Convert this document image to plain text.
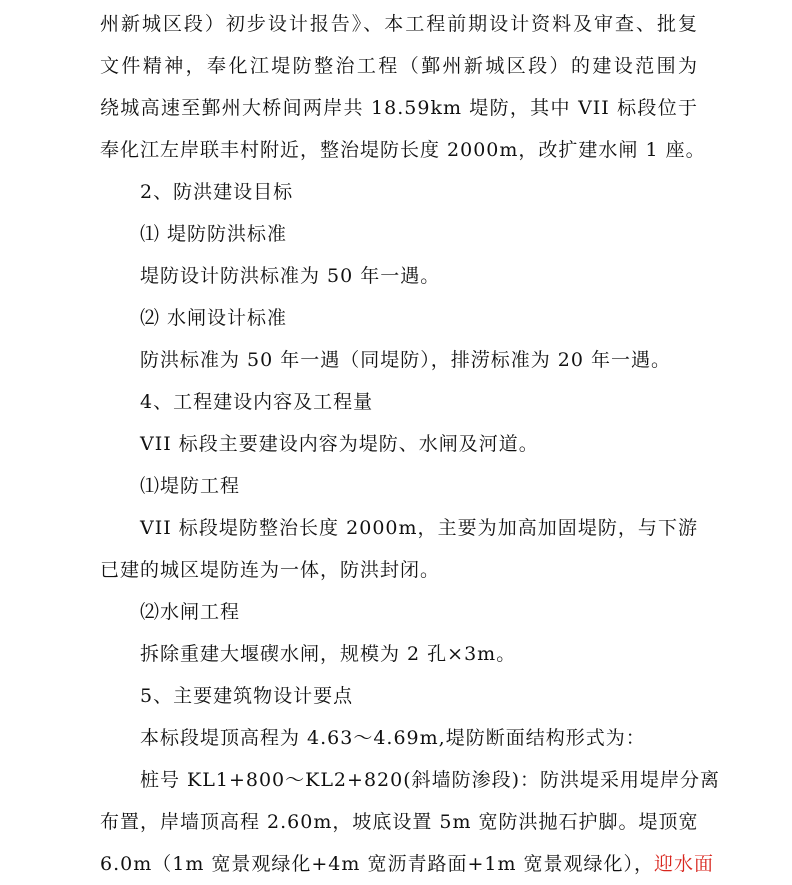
州新城区段）初步设计报告》、本工程前期设计资料及审查、批复
文件精神，奉化江堤防整治工程（鄞州新城区段）的建设范围为
绕城高速至鄞州大桥间两岸共 18.59km 堤防，其中 VII 标段位于
奉化江左岸联丰村附近，整治堤防长度 2000m，改扩建水闸 1 座。
2、防洪建设目标
⑴ 堤防防洪标准
堤防设计防洪标准为 50 年一遇。
⑵ 水闸设计标准
防洪标准为 50 年一遇（同堤防），排涝标准为 20 年一遇。
4、工程建设内容及工程量
VII 标段主要建设内容为堤防、水闸及河道。
⑴堤防工程
VII 标段堤防整治长度 2000m，主要为加高加固堤防，与下游
已建的城区堤防连为一体，防洪封闭。
⑵水闸工程
拆除重建大堰碶水闸，规模为 2 孔×3m。
5、主要建筑物设计要点
本标段堤顶高程为 4.63～4.69m,堤防断面结构形式为：
桩号 KL1+800～KL2+820(斜墙防渗段)：防洪堤采用堤岸分离
布置，岸墙顶高程 2.60m，坡底设置 5m 宽防洪抛石护脚。堤顶宽
6.0m（1m 宽景观绿化+4m 宽沥青路面+1m 宽景观绿化），迎水面
